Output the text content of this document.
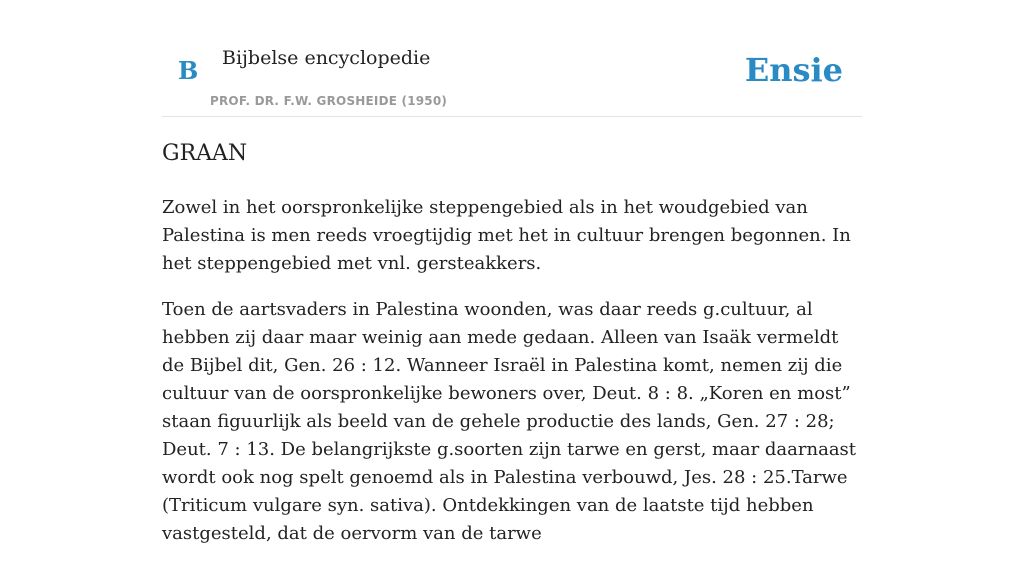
B Bijbelse encyclopedie
PROF. DR. F.W. GROSHEIDE (1950)
Ensie
GRAAN

Zowel in het oorspronkelijke steppengebied als in het woudgebied van Palestina is men reeds vroegtijdig met het in cultuur brengen begonnen. In het steppengebied met vnl. gersteakkers.

Toen de aartsvaders in Palestina woonden, was daar reeds g.cultuur, al hebben zij daar maar weinig aan mede gedaan. Alleen van Isaäk vermeldt de Bijbel dit, Gen. 26 : 12. Wanneer Israël in Palestina komt, nemen zij die cultuur van de oorspronkelijke bewoners over, Deut. 8 : 8. „Koren en most” staan figuurlijk als beeld van de gehele productie des lands, Gen. 27 : 28; Deut. 7 : 13. De belangrijkste g.soorten zijn tarwe en gerst, maar daarnaast wordt ook nog spelt genoemd als in Palestina verbouwd, Jes. 28 : 25.Tarwe (Triticum vulgare syn. sativa). Ontdekkingen van de laatste tijd hebben vastgesteld, dat de oervorm van de tarwe
